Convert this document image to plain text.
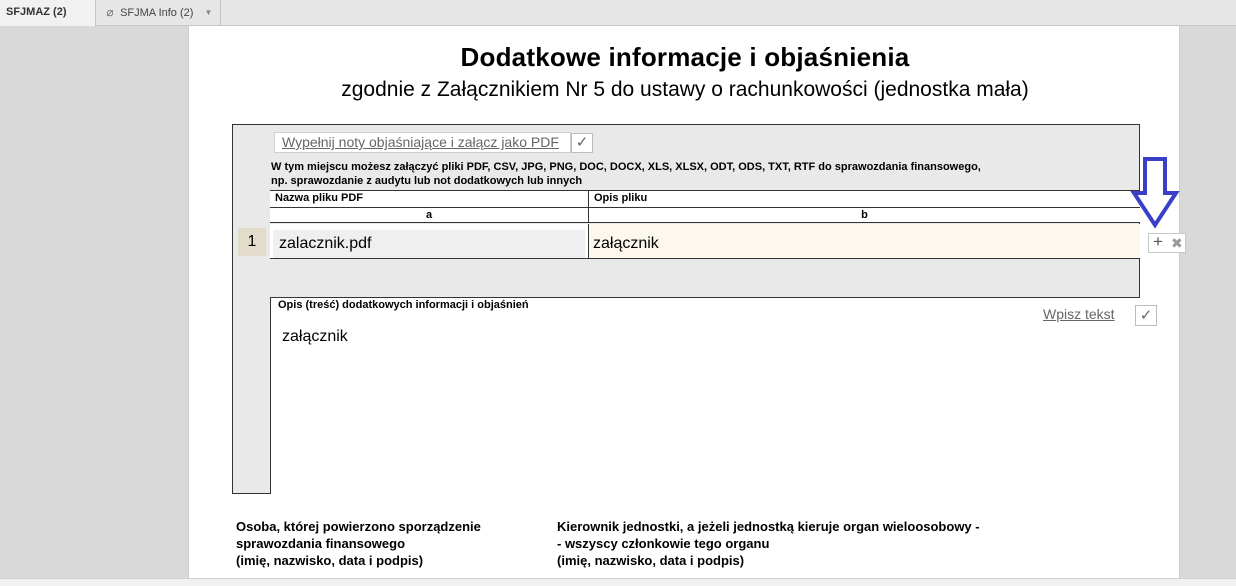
SFJMAZ (2)	⌀ SFJMA Info (2) ▼
Dodatkowe informacje i objaśnienia
zgodnie z Załącznikiem Nr 5 do ustawy o rachunkowości (jednostka mała)
Wypełnij noty objaśniające i załącz jako PDF	✓
W tym miejscu możesz załączyć pliki PDF, CSV, JPG, PNG, DOC, DOCX, XLS, XLSX, ODT, ODS, TXT, RTF do sprawozdania finansowego,
np. sprawozdanie z audytu lub not dodatkowych lub innych
Nazwa pliku PDF	Opis pliku
a	b
1	zalacznik.pdf	załącznik
Opis (treść) dodatkowych informacji i objaśnień
załącznik
Wpisz tekst	✓
Osoba, której powierzono sporządzenie
sprawozdania finansowego
(imię, nazwisko, data i podpis)
Kierownik jednostki, a jeżeli jednostką kieruje organ wieloosobowy -
- wszyscy członkowie tego organu
(imię, nazwisko, data i podpis)
+ ✖
